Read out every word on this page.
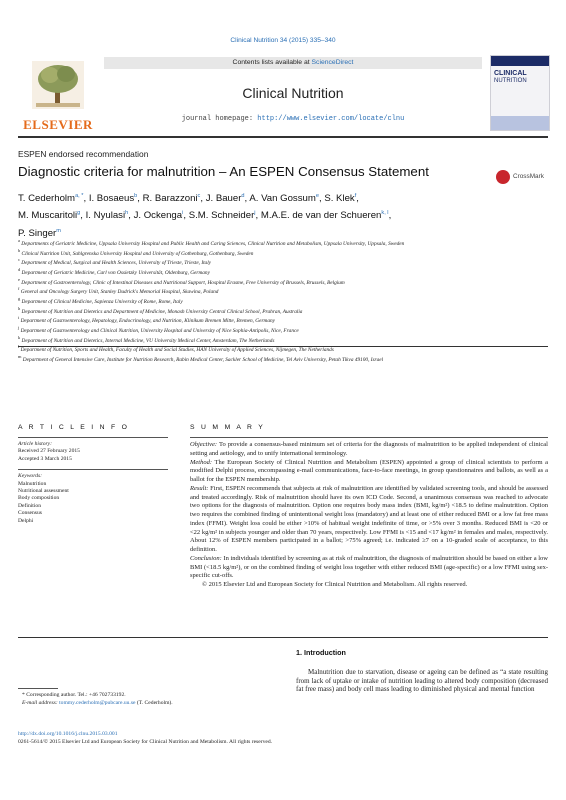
Clinical Nutrition 34 (2015) 335–340
ELSEVIER
Contents lists available at ScienceDirect
Clinical Nutrition
journal homepage: http://www.elsevier.com/locate/clnu
CLINICAL
NUTRITION
ESPEN endorsed recommendation
Diagnostic criteria for malnutrition – An ESPEN Consensus Statement	CrossMark
T. Cederholm$^{a, *}$, I. Bosaeus$^b$, R. Barazzoni$^c$, J. Bauer$^d$, A. Van Gossum$^e$, S. Klek$^f$,
M. Muscaritoli$^g$, I. Nyulasi$^h$, J. Ockenga$^i$, S.M. Schneider$^j$, M.A.E. de van der Schueren$^{k, l}$,
P. Singer$^m$
$^a$ Departments of Geriatric Medicine, Uppsala University Hospital and Public Health and Caring Sciences, Clinical Nutrition and Metabolism, Uppsala University, Uppsala, Sweden
$^b$ Clinical Nutrition Unit, Sahlgrenska University Hospital and University of Gothenburg, Gothenburg, Sweden
$^c$ Department of Medical, Surgical and Health Sciences, University of Trieste, Trieste, Italy
$^d$ Department of Geriatric Medicine, Carl von Ossietzky Universität, Oldenburg, Germany
$^e$ Department of Gastroenterology, Clinic of Intestinal Diseases and Nutritional Support, Hospital Erasme, Free University of Brussels, Brussels, Belgium
$^f$ General and Oncology Surgery Unit, Stanley Dudrick's Memorial Hospital, Skawina, Poland
$^g$ Department of Clinical Medicine, Sapienza University of Rome, Rome, Italy
$^h$ Department of Nutrition and Dietetics and Department of Medicine, Monash University Central Clinical School, Prahran, Australia
$^i$ Department of Gastroenterology, Hepatology, Endocrinology, and Nutrition, Klinikum Bremen Mitte, Bremen, Germany
$^j$ Department of Gastroenterology and Clinical Nutrition, University Hospital and University of Nice Sophia-Antipolis, Nice, France
$^k$ Department of Nutrition and Dietetics, Internal Medicine, VU University Medical Center, Amsterdam, The Netherlands
Department of Nutrition, Sports and Health, Faculty of Health and Social Studies, HAN University of Applied Sciences, Nijmegen, The Netherlands
$^m$ Department of General Intensive Care, Institute for Nutrition Research, Rabin Medical Center, Sackler School of Medicine, Tel Aviv University, Petah Tikva 49100, Israel
A R T I C L E I N F O
Article history:
Received 27 February 2015
Accepted 3 March 2015
Keywords:
Malnutrition
Nutritional assessment
Body composition
Definition
Consensus
Delphi
S U M M A R Y
Objective: To provide a consensus-based minimum set of criteria for the diagnosis of malnutrition to be applied independent of clinical setting and aetiology, and to unify international terminology.
Method: The European Society of Clinical Nutrition and Metabolism (ESPEN) appointed a group of clinical scientists to perform a modified Delphi process, encompassing e-mail communications, face-to-face meetings, in group questionnaires and ballots, as well as a ballot for the ESPEN membership.
Result: First, ESPEN recommends that subjects at risk of malnutrition are identified by validated screening tools, and should be assessed and treated accordingly. Risk of malnutrition should have its own ICD Code. Second, a unanimous consensus was reached to advocate two options for the diagnosis of malnutrition. Option one requires body mass index (BMI, kg/m²) <18.5 to define malnutrition. Option two requires the combined finding of unintentional weight loss (mandatory) and at least one of either reduced BMI or a low fat free mass index (FFMI). Weight loss could be either >10% of habitual weight indefinite of time, or >5% over 3 months. Reduced BMI is <20 or <22 kg/m² in subjects younger and older than 70 years, respectively. Low FFMI is <15 and <17 kg/m² in females and males, respectively. About 12% of ESPEN members participated in a ballot; >75% agreed; i.e. indicated ≥7 on a 10-graded scale of acceptance, to this definition.
Conclusion: In individuals identified by screening as at risk of malnutrition, the diagnosis of malnutrition should be based on either a low BMI (<18.5 kg/m²), or on the combined finding of weight loss together with either reduced BMI (age-specific) or a low FFMI using sex-specific cut-offs.
© 2015 Elsevier Ltd and European Society for Clinical Nutrition and Metabolism. All rights reserved.
1. Introduction
Malnutrition due to starvation, disease or ageing can be defined as “a state resulting from lack of uptake or intake of nutrition leading to altered body composition (decreased fat free mass) and body cell mass leading to diminished physical and mental function
* Corresponding author. Tel.: +46 702733192.
E-mail address: tommy.cederholm@pubcare.uu.se (T. Cederholm).
http://dx.doi.org/10.1016/j.clnu.2015.03.001
0261-5614/© 2015 Elsevier Ltd and European Society for Clinical Nutrition and Metabolism. All rights reserved.
